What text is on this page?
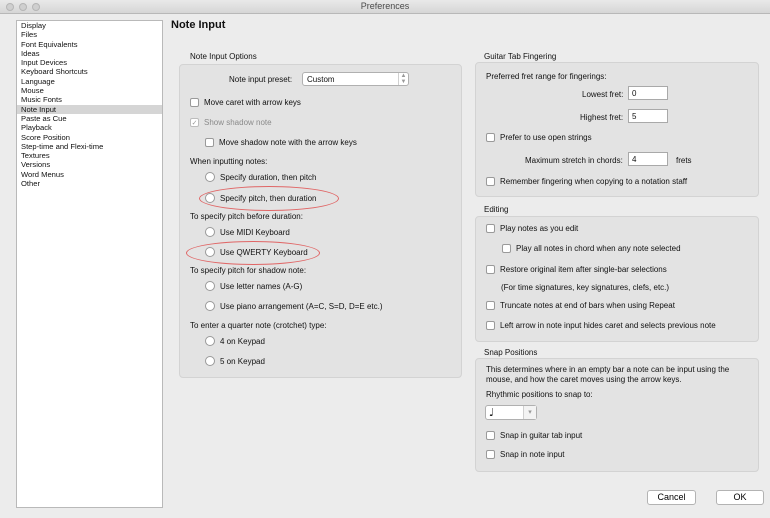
Preferences
Display
Files
Font Equivalents
Ideas
Input Devices
Keyboard Shortcuts
Language
Mouse
Music Fonts
Note Input
Paste as Cue
Playback
Score Position
Step-time and Flexi-time
Textures
Versions
Word Menus
Other
Note Input
Note Input Options
Note input preset:	Custom	▲
▼
Move caret with arrow keys
✓ Show shadow note
Move shadow note with the arrow keys
When inputting notes:
Specify duration, then pitch
Specify pitch, then duration
To specify pitch before duration:
Use MIDI Keyboard
Use QWERTY Keyboard
To specify pitch for shadow note:
Use letter names (A-G)
Use piano arrangement (A=C, S=D, D=E etc.)
To enter a quarter note (crotchet) type:
4 on Keypad
5 on Keypad
Guitar Tab Fingering
Preferred fret range for fingerings:
Lowest fret:
0
Highest fret:
5
Prefer to use open strings
Maximum stretch in chords:
4	frets
Remember fingering when copying to a notation staff
Editing
Play notes as you edit
Play all notes in chord when any note selected
Restore original item after single-bar selections
(For time signatures, key signatures, clefs, etc.)
Truncate notes at end of bars when using Repeat
Left arrow in note input hides caret and selects previous note
Snap Positions
This determines where in an empty bar a note can be input using the
mouse, and how the caret moves using the arrow keys.
Rhythmic positions to snap to:
♩	▾
Snap in guitar tab input
Snap in note input
Cancel	OK
